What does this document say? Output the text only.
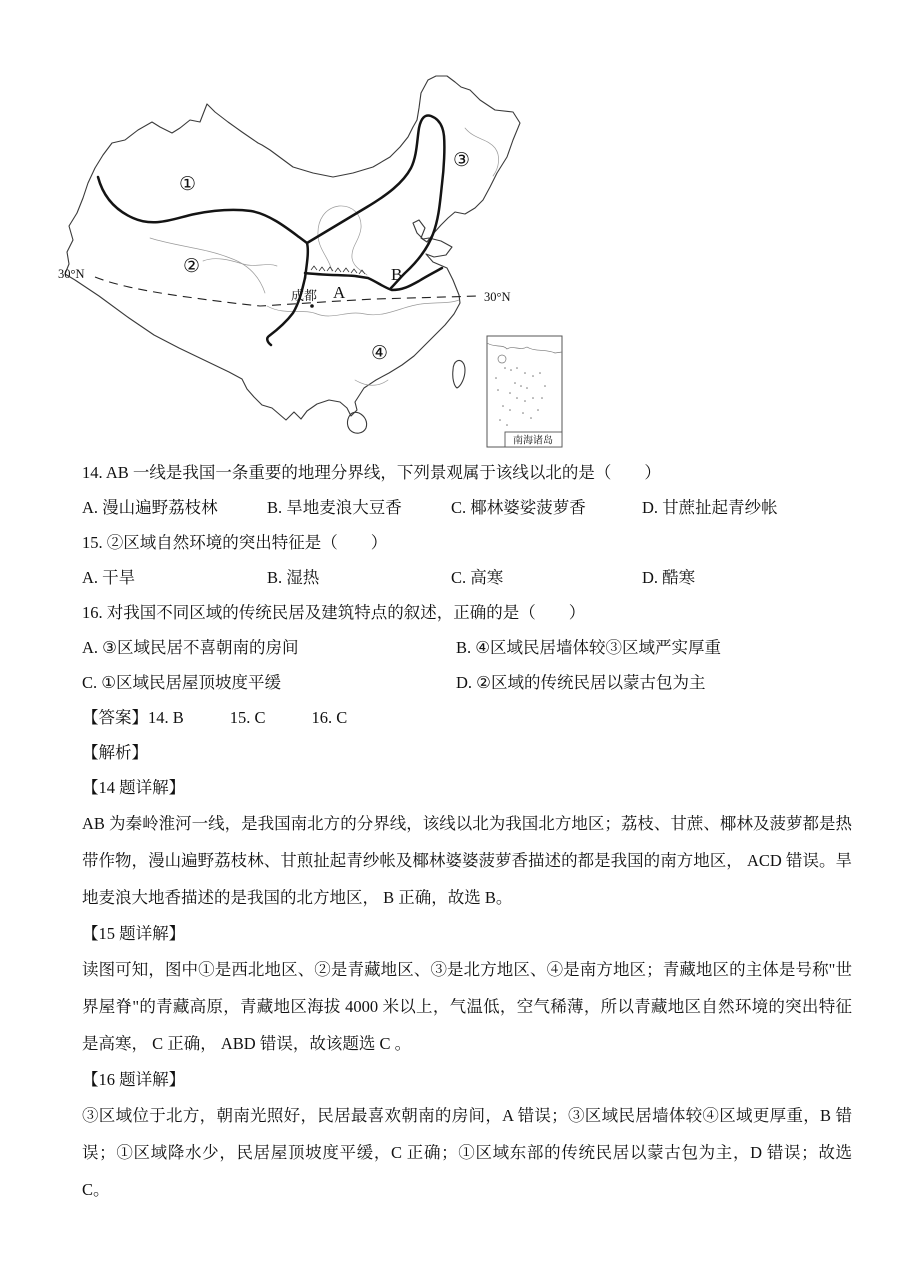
①
②
③
④
成都 A
B
30°N
30°N
南海诸岛
14. AB 一线是我国一条重要的地理分界线，下列景观属于该线以北的是（　　）
A. 漫山遍野荔枝林	B. 旱地麦浪大豆香	C. 椰林婆娑菠萝香	D. 甘蔗扯起青纱帐
15. ②区域自然环境的突出特征是（　　）
A. 干旱	B. 湿热	C. 高寒	D. 酷寒
16. 对我国不同区域的传统民居及建筑特点的叙述，正确的是（　　）
A. ③区域民居不喜朝南的房间	B. ④区域民居墙体较③区域严实厚重
C. ①区域民居屋顶坡度平缓	D. ②区域的传统民居以蒙古包为主
【答案】14. B	15. C	16. C
【解析】
【14 题详解】
AB 为秦岭淮河一线，是我国南北方的分界线，该线以北为我国北方地区；荔枝、甘蔗、椰林及菠萝都是热带作物，漫山遍野荔枝林、甘煎扯起青纱帐及椰林婆婆菠萝香描述的都是我国的南方地区， ACD 错误。旱地麦浪大地香描述的是我国的北方地区， B 正确，故选 B。
【15 题详解】
读图可知，图中①是西北地区、②是青藏地区、③是北方地区、④是南方地区；青藏地区的主体是号称"世界屋脊"的青藏高原，青藏地区海拔 4000 米以上，气温低，空气稀薄，所以青藏地区自然环境的突出特征是高寒， C 正确， ABD 错误，故该题选 C 。
【16 题详解】
③区域位于北方，朝南光照好，民居最喜欢朝南的房间，A 错误；③区域民居墙体较④区域更厚重，B 错误；①区域降水少，民居屋顶坡度平缓，C 正确；①区域东部的传统民居以蒙古包为主，D 错误；故选 C。
